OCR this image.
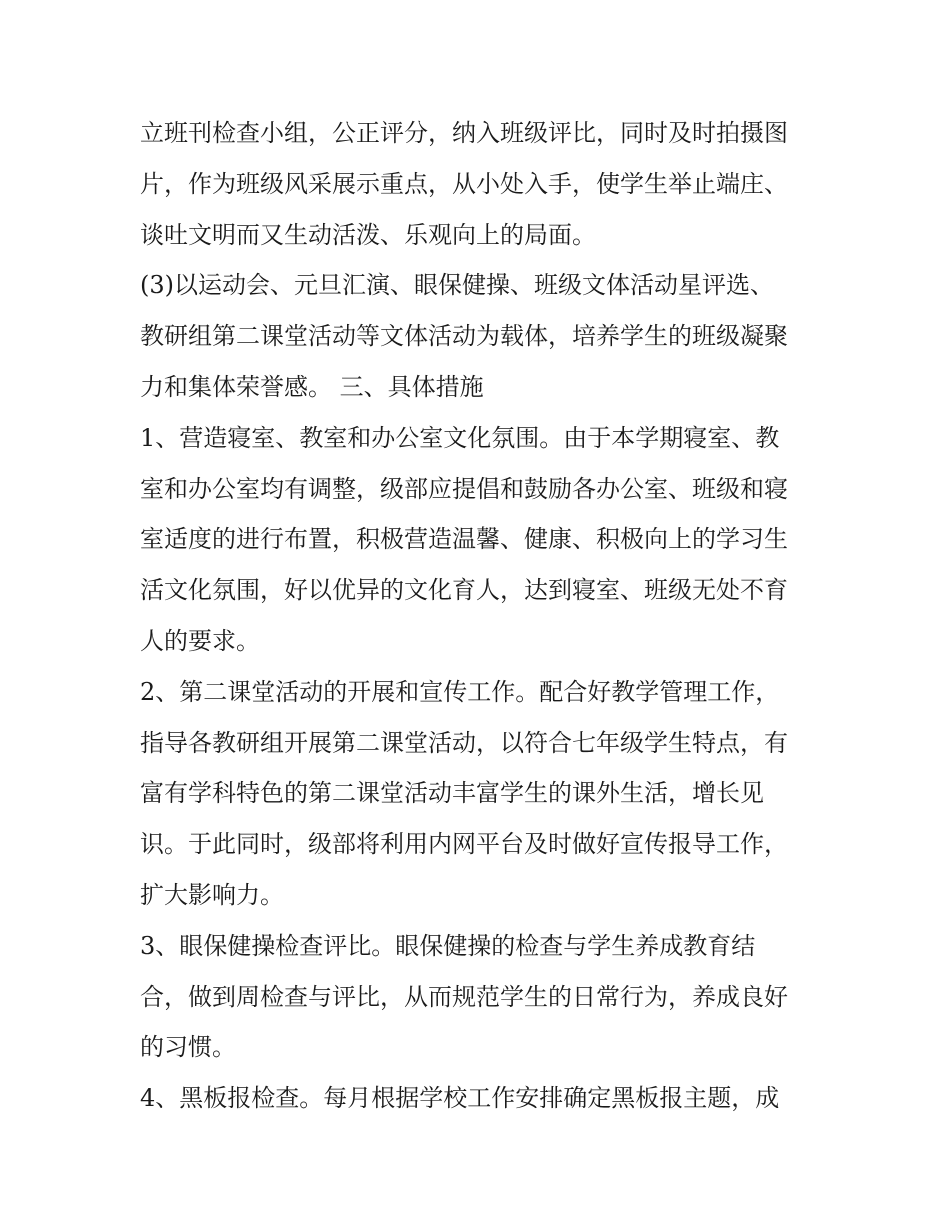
立班刊检查小组，公正评分，纳入班级评比，同时及时拍摄图
片，作为班级风采展示重点，从小处入手，使学生举止端庄、
谈吐文明而又生动活泼、乐观向上的局面。
(3)以运动会、元旦汇演、眼保健操、班级文体活动星评选、
教研组第二课堂活动等文体活动为载体，培养学生的班级凝聚
力和集体荣誉感。 三、具体措施
1、营造寝室、教室和办公室文化氛围。由于本学期寝室、教
室和办公室均有调整，级部应提倡和鼓励各办公室、班级和寝
室适度的进行布置，积极营造温馨、健康、积极向上的学习生
活文化氛围，好以优异的文化育人，达到寝室、班级无处不育
人的要求。
2、第二课堂活动的开展和宣传工作。配合好教学管理工作，
指导各教研组开展第二课堂活动，以符合七年级学生特点，有
富有学科特色的第二课堂活动丰富学生的课外生活，增长见
识。于此同时，级部将利用内网平台及时做好宣传报导工作，
扩大影响力。
3、眼保健操检查评比。眼保健操的检查与学生养成教育结
合，做到周检查与评比，从而规范学生的日常行为，养成良好
的习惯。
4、黑板报检查。每月根据学校工作安排确定黑板报主题，成
